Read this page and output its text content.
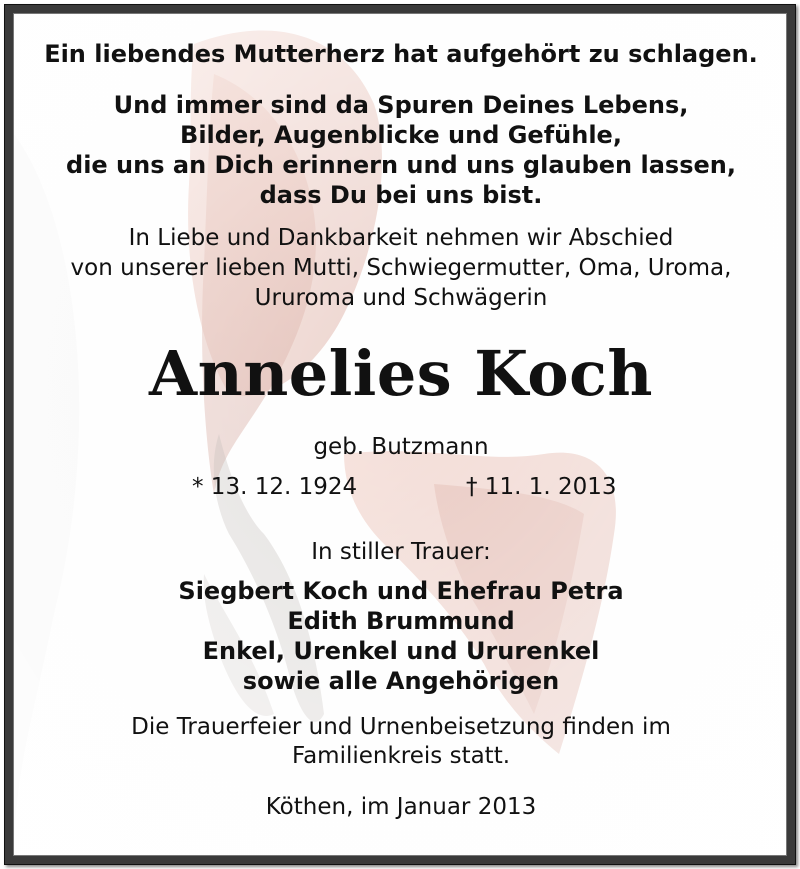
Ein liebendes Mutterherz hat aufgehört zu schlagen.

Und immer sind da Spuren Deines Lebens,

Bilder, Augenblicke und Gefühle,

die uns an Dich erinnern und uns glauben lassen,

dass Du bei uns bist.

In Liebe und Dankbarkeit nehmen wir Abschied

von unserer lieben Mutti, Schwiegermutter, Oma, Uroma,

Ururoma und Schwägerin

Annelies Koch

geb. Butzmann

* 13. 12. 1924	† 11. 1. 2013

In stiller Trauer:

Siegbert Koch und Ehefrau Petra

Edith Brummund

Enkel, Urenkel und Ururenkel

sowie alle Angehörigen

Die Trauerfeier und Urnenbeisetzung finden im

Familienkreis statt.

Köthen, im Januar 2013
